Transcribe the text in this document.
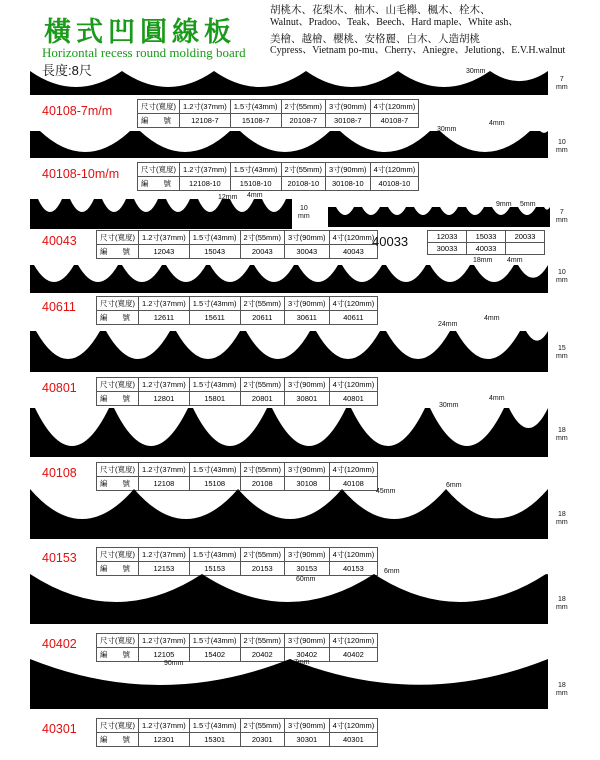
橫式凹圓線板
Horizontal recess round molding board
長度:8尺
胡桃木、花梨木、柚木、山毛櫸、楓木、栓木、
Walnut、Pradoo、Teak、Beech、Hard maple、White ash、
美檜、越檜、櫻桃、安格麗、白木、人造胡桃
Cypress、Vietnam po-mu、Cherry、Aniegre、Jelutiong、E.V.H.walnut
30mm
7
mm
40108-7m/m	尺寸(寬度)	1.2寸(37mm)	1.5寸(43mm)	2寸(55mm)	3寸(90mm)	4寸(120mm)
編　　號	12108-7	15108-7	20108-7	30108-7	40108-7
30mm
4mm
10
mm
40108-10m/m	尺寸(寬度)	1.2寸(37mm)	1.5寸(43mm)	2寸(55mm)	3寸(90mm)	4寸(120mm)
編　　號	12108-10	15108-10	20108-10	30108-10	40108-10
12mm 4mm
10
mm
9mm 5mm
7
mm
40043	尺寸(寬度)	1.2寸(37mm)	1.5寸(43mm)	2寸(55mm)	3寸(90mm)	4寸(120mm)
編　　號	12043	15043	20043	30043	40043
40033	12033	15033	20033
30033	40033	
18mm 4mm
10
mm
40611	尺寸(寬度)	1.2寸(37mm)	1.5寸(43mm)	2寸(55mm)	3寸(90mm)	4寸(120mm)
編　　號	12611	15611	20611	30611	40611
24mm
4mm
15
mm
40801	尺寸(寬度)	1.2寸(37mm)	1.5寸(43mm)	2寸(55mm)	3寸(90mm)	4寸(120mm)
編　　號	12801	15801	20801	30801	40801
30mm
4mm
18
mm
40108	尺寸(寬度)	1.2寸(37mm)	1.5寸(43mm)	2寸(55mm)	3寸(90mm)	4寸(120mm)
編　　號	12108	15108	20108	30108	40108
45mm
6mm
18
mm
40153	尺寸(寬度)	1.2寸(37mm)	1.5寸(43mm)	2寸(55mm)	3寸(90mm)	4寸(120mm)
編　　號	12153	15153	20153	30153	40153
60mm
6mm
18
mm
40402	尺寸(寬度)	1.2寸(37mm)	1.5寸(43mm)	2寸(55mm)	3寸(90mm)	4寸(120mm)
編　　號	12105	15402	20402	30402	40402
90mm	7mm
18
mm
40301	尺寸(寬度)	1.2寸(37mm)	1.5寸(43mm)	2寸(55mm)	3寸(90mm)	4寸(120mm)
編　　號	12301	15301	20301	30301	40301
